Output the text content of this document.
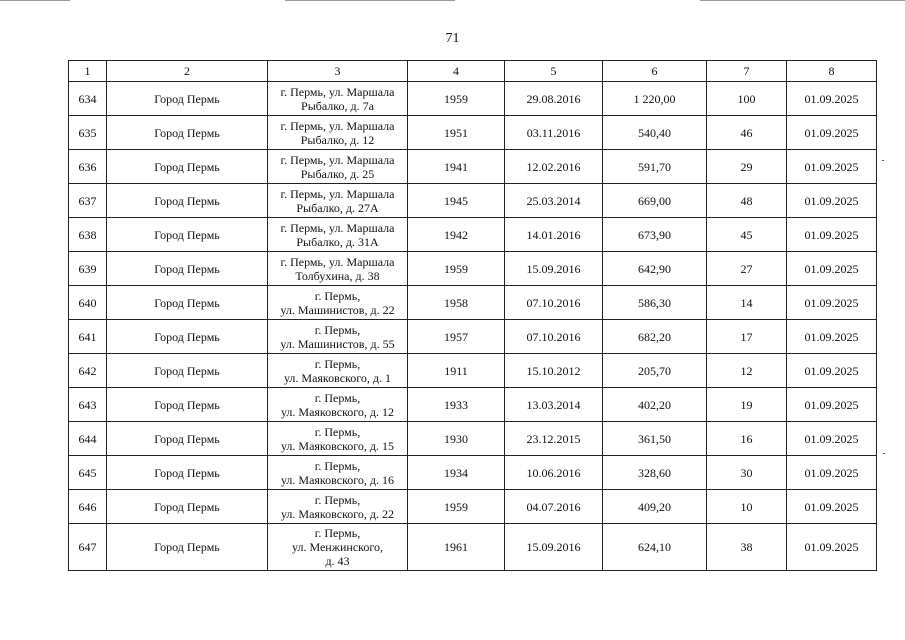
71
1	2	3	4	5	6	7	8
634	Город Пермь	г. Пермь, ул. Маршала
Рыбалко, д. 7а	1959	29.08.2016	1 220,00	100	01.09.2025
635	Город Пермь	г. Пермь, ул. Маршала
Рыбалко, д. 12	1951	03.11.2016	540,40	46	01.09.2025
636	Город Пермь	г. Пермь, ул. Маршала
Рыбалко, д. 25	1941	12.02.2016	591,70	29	01.09.2025
637	Город Пермь	г. Пермь, ул. Маршала
Рыбалко, д. 27А	1945	25.03.2014	669,00	48	01.09.2025
638	Город Пермь	г. Пермь, ул. Маршала
Рыбалко, д. 31А	1942	14.01.2016	673,90	45	01.09.2025
639	Город Пермь	г. Пермь, ул. Маршала
Толбухина, д. 38	1959	15.09.2016	642,90	27	01.09.2025
640	Город Пермь	г. Пермь,
ул. Машинистов, д. 22	1958	07.10.2016	586,30	14	01.09.2025
641	Город Пермь	г. Пермь,
ул. Машинистов, д. 55	1957	07.10.2016	682,20	17	01.09.2025
642	Город Пермь	г. Пермь,
ул. Маяковского, д. 1	1911	15.10.2012	205,70	12	01.09.2025
643	Город Пермь	г. Пермь,
ул. Маяковского, д. 12	1933	13.03.2014	402,20	19	01.09.2025
644	Город Пермь	г. Пермь,
ул. Маяковского, д. 15	1930	23.12.2015	361,50	16	01.09.2025
645	Город Пермь	г. Пермь,
ул. Маяковского, д. 16	1934	10.06.2016	328,60	30	01.09.2025
646	Город Пермь	г. Пермь,
ул. Маяковского, д. 22	1959	04.07.2016	409,20	10	01.09.2025
647	Город Пермь	г. Пермь,
ул. Менжинского,
д. 43	1961	15.09.2016	624,10	38	01.09.2025
